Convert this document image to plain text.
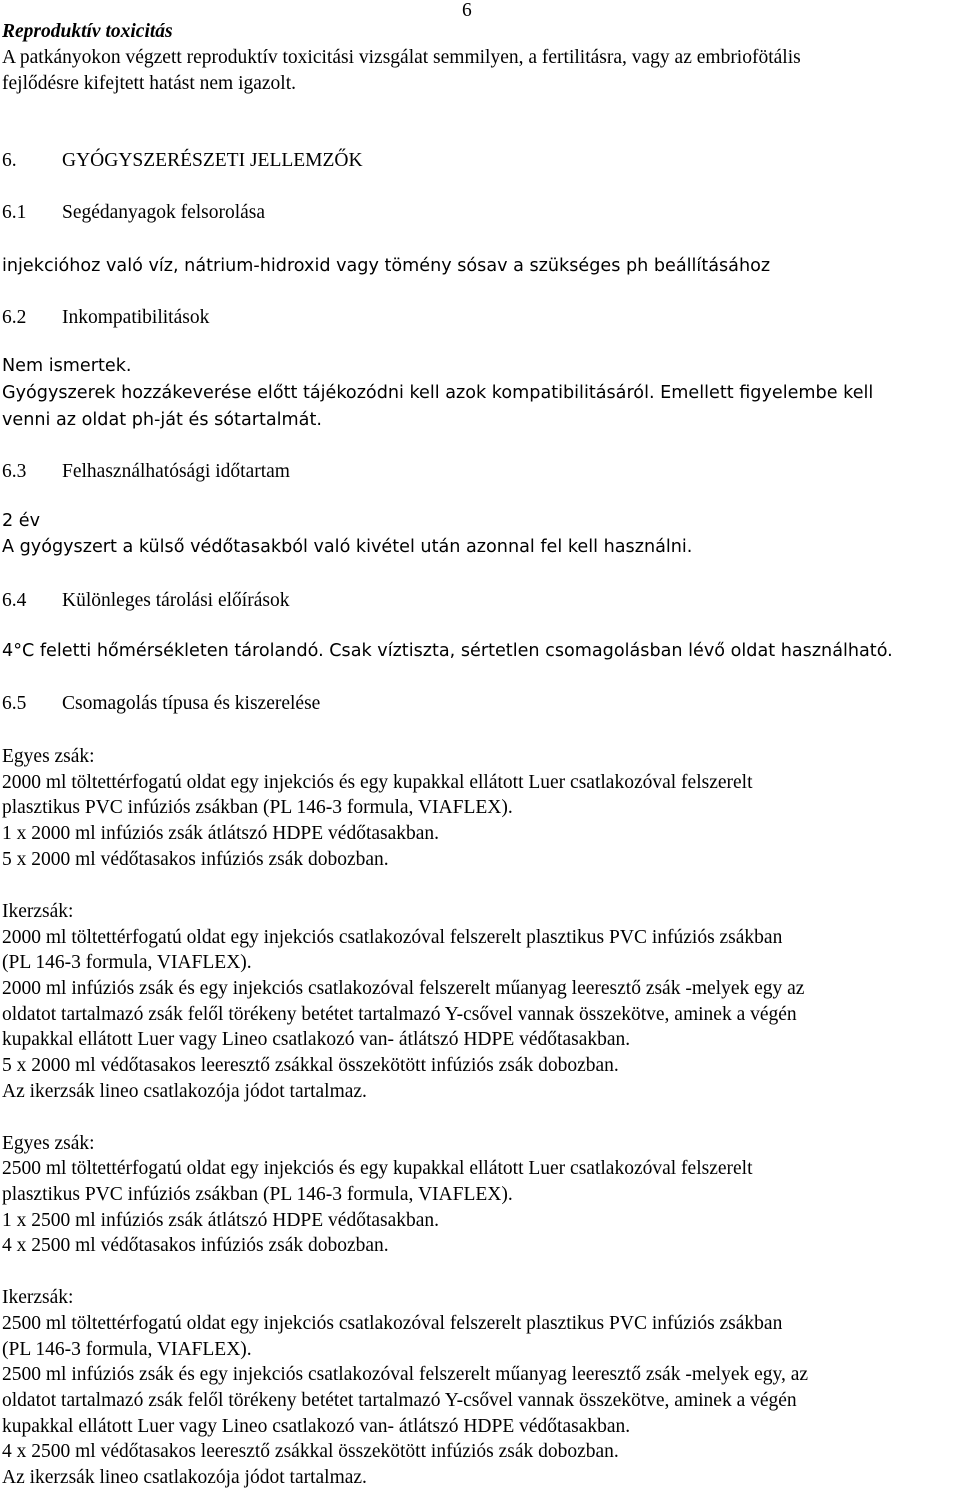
6
Reproduktív toxicitás
A patkányokon végzett reproduktív toxicitási vizsgálat semmilyen, a fertilitásra, vagy az embriofötális
fejlődésre kifejtett hatást nem igazolt.
6. GYÓGYSZERÉSZETI JELLEMZŐK
6.1 Segédanyagok felsorolása
injekcióhoz való víz, nátrium-hidroxid vagy tömény sósav a szükséges ph beállításához
6.2 Inkompatibilitások
Nem ismertek.
Gyógyszerek hozzákeverése előtt tájékozódni kell azok kompatibilitásáról. Emellett figyelembe kell
venni az oldat ph-ját és sótartalmát.
6.3 Felhasználhatósági időtartam
2 év
A gyógyszert a külső védőtasakból való kivétel után azonnal fel kell használni.
6.4 Különleges tárolási előírások
4°C feletti hőmérsékleten tárolandó. Csak víztiszta, sértetlen csomagolásban lévő oldat használható.
6.5 Csomagolás típusa és kiszerelése
Egyes zsák:
2000 ml töltettérfogatú oldat egy injekciós és egy kupakkal ellátott Luer csatlakozóval felszerelt
plasztikus PVC infúziós zsákban (PL 146-3 formula, VIAFLEX).
1 x 2000 ml infúziós zsák átlátszó HDPE védőtasakban.
5 x 2000 ml védőtasakos infúziós zsák dobozban.
Ikerzsák:
2000 ml töltettérfogatú oldat egy injekciós csatlakozóval felszerelt plasztikus PVC infúziós zsákban
(PL 146-3 formula, VIAFLEX).
2000 ml infúziós zsák és egy injekciós csatlakozóval felszerelt műanyag leeresztő zsák -melyek egy az
oldatot tartalmazó zsák felől törékeny betétet tartalmazó Y-csővel vannak összekötve, aminek a végén
kupakkal ellátott Luer vagy Lineo csatlakozó van- átlátszó HDPE védőtasakban.
5 x 2000 ml védőtasakos leeresztő zsákkal összekötött infúziós zsák dobozban.
Az ikerzsák lineo csatlakozója jódot tartalmaz.
Egyes zsák:
2500 ml töltettérfogatú oldat egy injekciós és egy kupakkal ellátott Luer csatlakozóval felszerelt
plasztikus PVC infúziós zsákban (PL 146-3 formula, VIAFLEX).
1 x 2500 ml infúziós zsák átlátszó HDPE védőtasakban.
4 x 2500 ml védőtasakos infúziós zsák dobozban.
Ikerzsák:
2500 ml töltettérfogatú oldat egy injekciós csatlakozóval felszerelt plasztikus PVC infúziós zsákban
(PL 146-3 formula, VIAFLEX).
2500 ml infúziós zsák és egy injekciós csatlakozóval felszerelt műanyag leeresztő zsák -melyek egy, az
oldatot tartalmazó zsák felől törékeny betétet tartalmazó Y-csővel vannak összekötve, aminek a végén
kupakkal ellátott Luer vagy Lineo csatlakozó van- átlátszó HDPE védőtasakban.
4 x 2500 ml védőtasakos leeresztő zsákkal összekötött infúziós zsák dobozban.
Az ikerzsák lineo csatlakozója jódot tartalmaz.
